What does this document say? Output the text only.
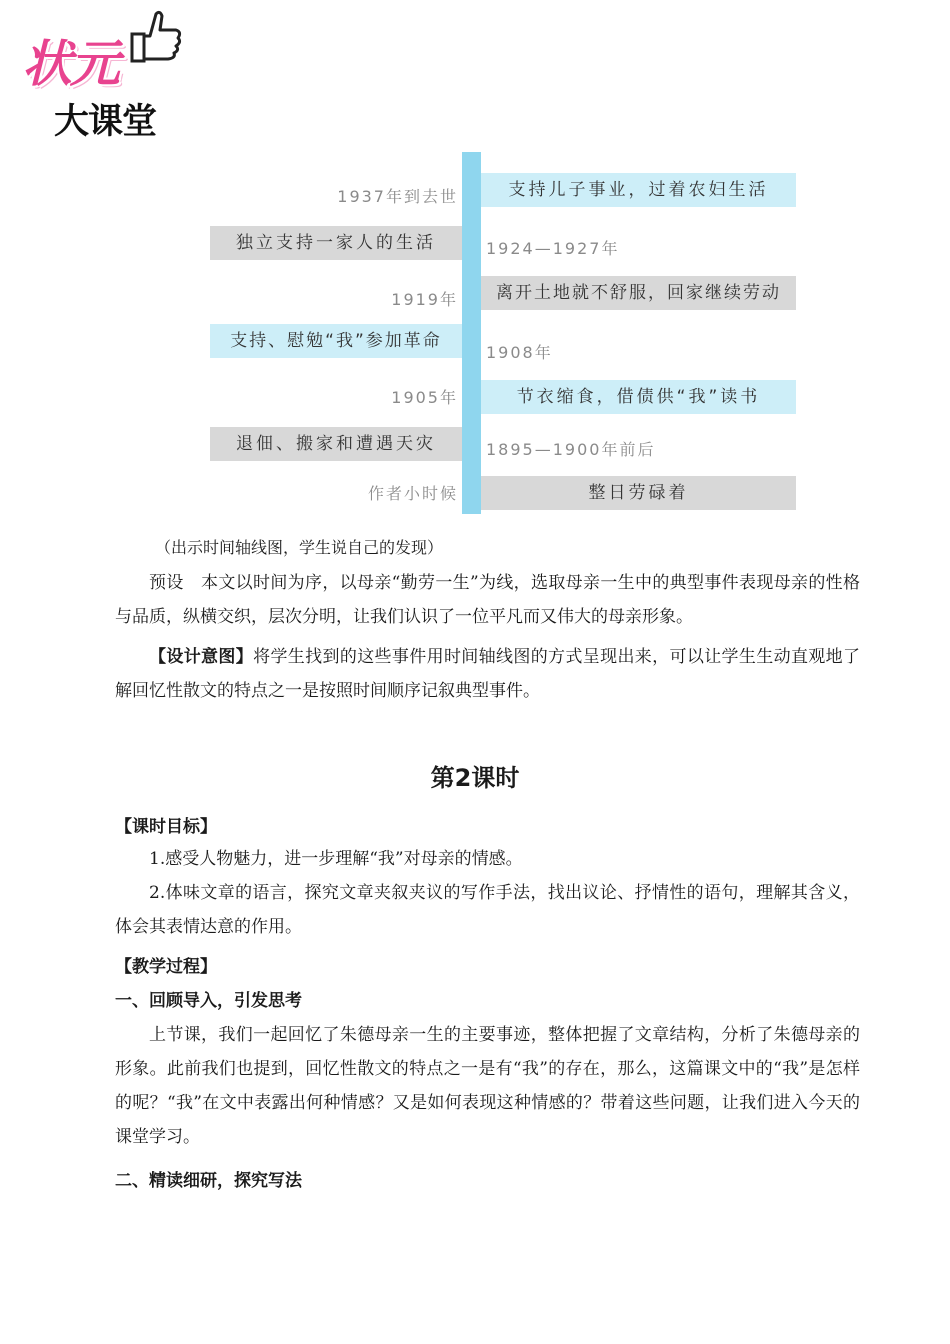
状元
大课堂
1937年到去世	支持儿子事业，过着农妇生活
独立支持一家人的生活	1924—1927年
1919年	离开土地就不舒服，回家继续劳动
支持、慰勉“我”参加革命
1908年
1905年	节衣缩食，借债供“我”读书
退佃、搬家和遭遇天灾	1895—1900年前后
作者小时候	整日劳碌着
（出示时间轴线图，学生说自己的发现）
预设　本文以时间为序，以母亲“勤劳一生”为线，选取母亲一生中的典型事件表现母亲的性格与品质，纵横交织，层次分明，让我们认识了一位平凡而又伟大的母亲形象。
【设计意图】将学生找到的这些事件用时间轴线图的方式呈现出来，可以让学生生动直观地了解回忆性散文的特点之一是按照时间顺序记叙典型事件。
第2课时
【课时目标】
1.感受人物魅力，进一步理解“我”对母亲的情感。
2.体味文章的语言，探究文章夹叙夹议的写作手法，找出议论、抒情性的语句，理解其含义，体会其表情达意的作用。
【教学过程】
一、回顾导入，引发思考
上节课，我们一起回忆了朱德母亲一生的主要事迹，整体把握了文章结构，分析了朱德母亲的形象。此前我们也提到，回忆性散文的特点之一是有“我”的存在，那么，这篇课文中的“我”是怎样的呢？“我”在文中表露出何种情感？又是如何表现这种情感的？带着这些问题，让我们进入今天的课堂学习。
二、精读细研，探究写法
